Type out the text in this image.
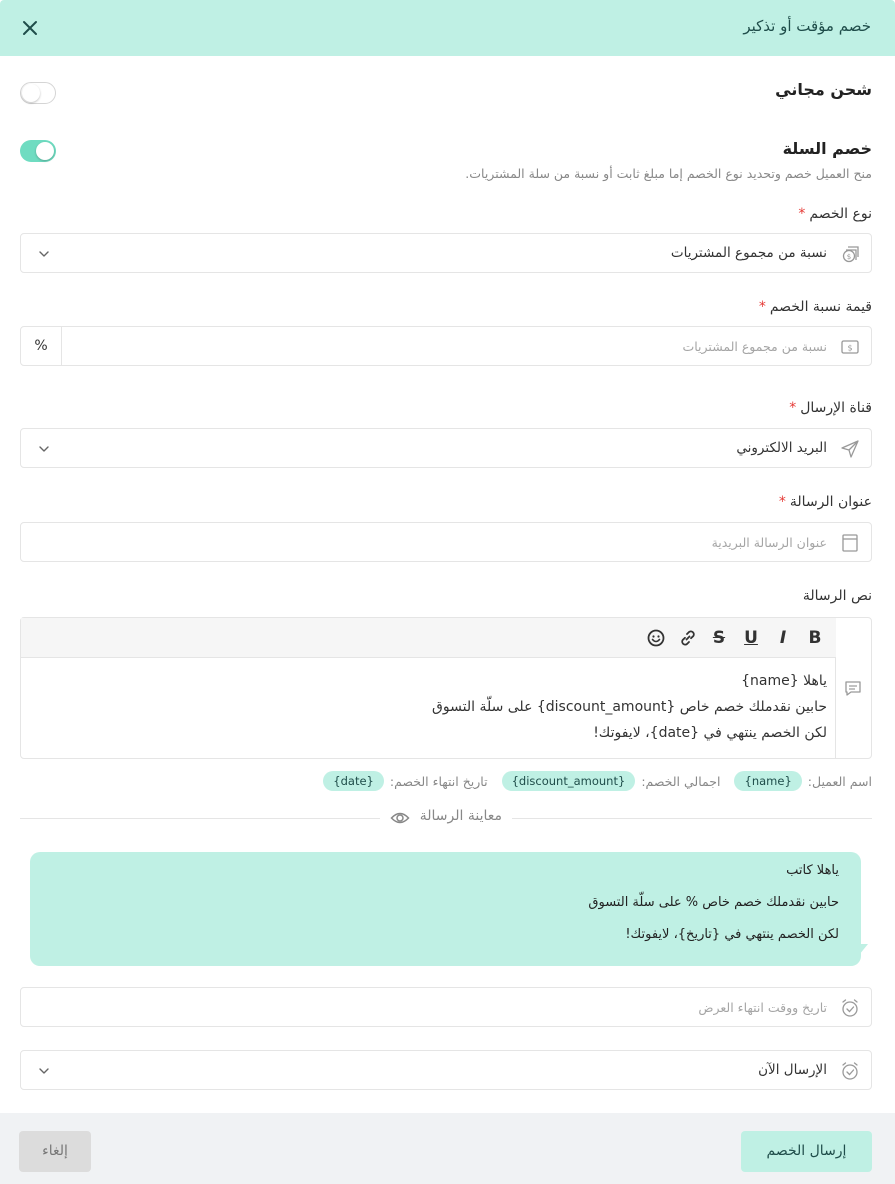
خصم مؤقت أو تذكير
شحن مجاني
خصم السلة
منح العميل خصم وتحديد نوع الخصم إما مبلغ ثابت أو نسبة من سلة المشتريات.
نوع الخصم*
$
نسبة من مجموع المشتريات
قيمة نسبة الخصم*
$
نسبة من مجموع المشتريات
%
قناة الإرسال*
البريد الالكتروني
عنوان الرسالة*
عنوان الرسالة البريدية
نص الرسالة
B
I
U
S
ياهلا {name}
حابين نقدملك خصم خاص {discount_amount} على سلّة التسوق
لكن الخصم ينتهي في {date}، لايفوتك!
اسم العميل:
{name}
اجمالي الخصم:
{discount_amount}
تاريخ انتهاء الخصم:
{date}
معاينة الرسالة
ياهلا كاتب
حابين نقدملك خصم خاص % على سلّة التسوق
لكن الخصم ينتهي في {تاريخ}، لايفوتك!
تاريخ ووقت انتهاء العرض
الإرسال الآن
إرسال الخصم
إلغاء
